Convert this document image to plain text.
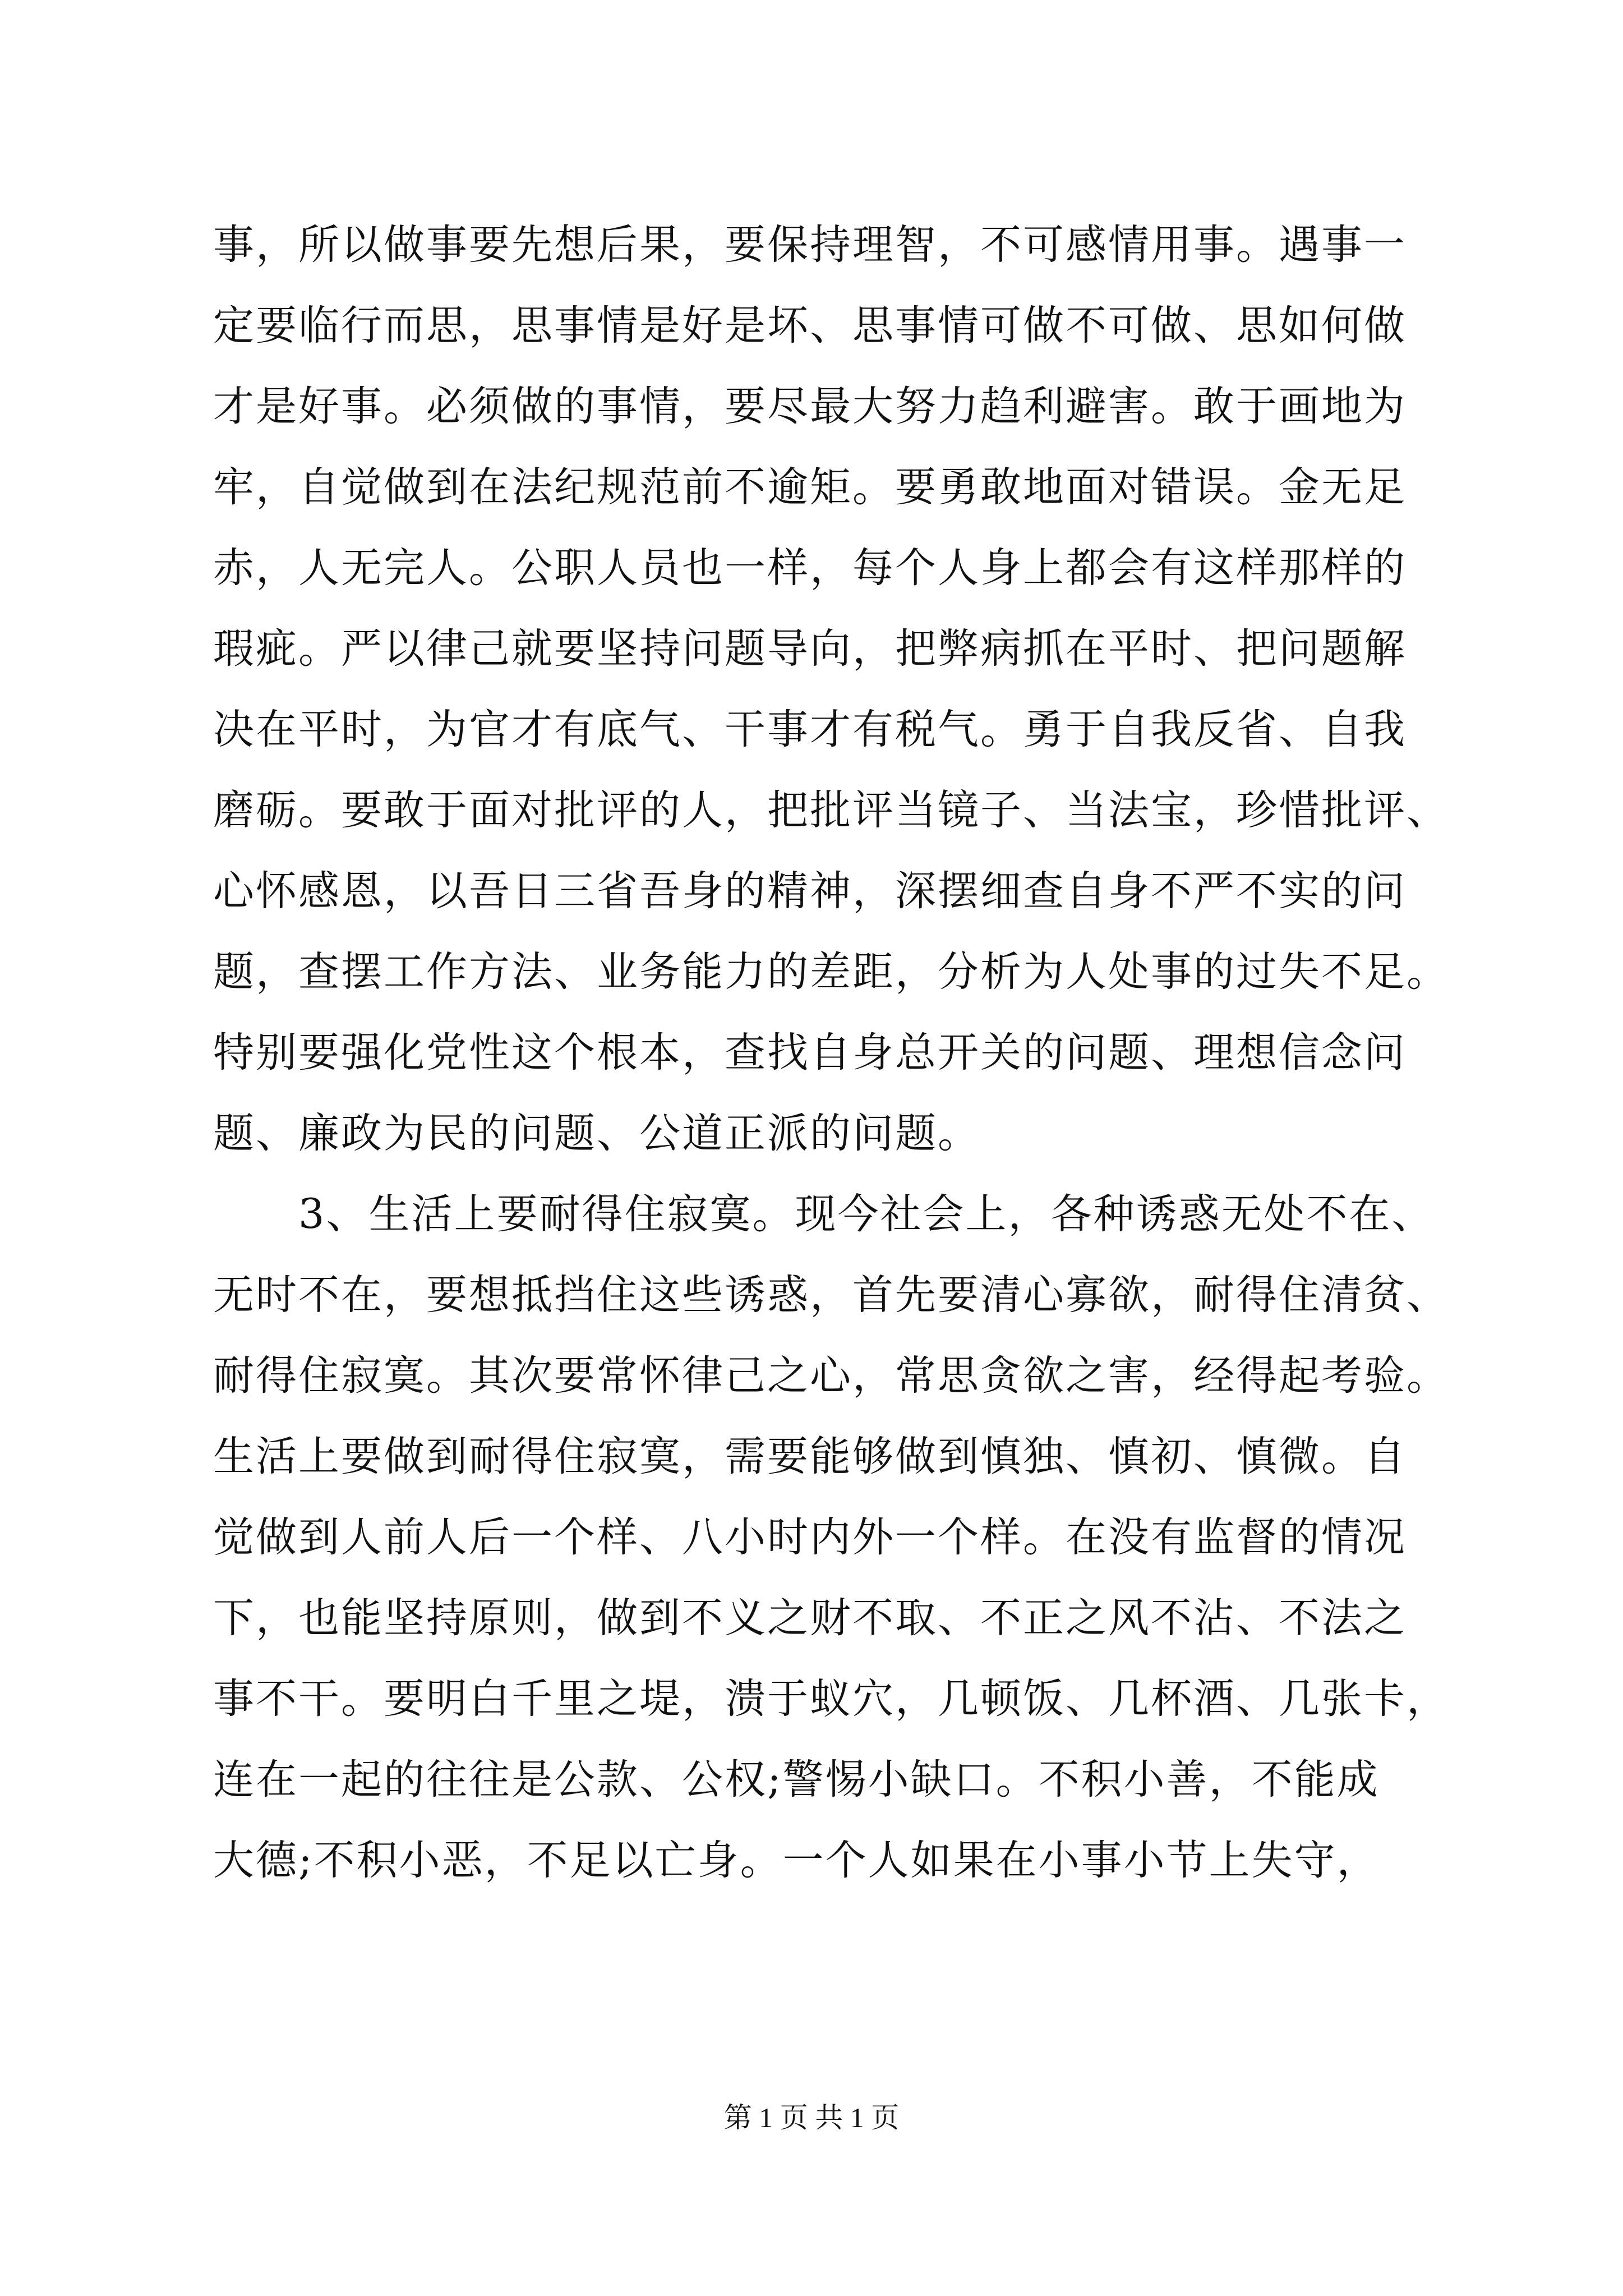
事，所以做事要先想后果，要保持理智，不可感情用事。遇事一
定要临行而思，思事情是好是坏、思事情可做不可做、思如何做
才是好事。必须做的事情，要尽最大努力趋利避害。敢于画地为
牢，自觉做到在法纪规范前不逾矩。要勇敢地面对错误。金无足
赤，人无完人。公职人员也一样，每个人身上都会有这样那样的
瑕疵。严以律己就要坚持问题导向，把弊病抓在平时、把问题解
决在平时，为官才有底气、干事才有税气。勇于自我反省、自我
磨砺。要敢于面对批评的人，把批评当镜子、当法宝，珍惜批评、
心怀感恩，以吾日三省吾身的精神，深摆细查自身不严不实的问
题，查摆工作方法、业务能力的差距，分析为人处事的过失不足。
特别要强化党性这个根本，查找自身总开关的问题、理想信念问
题、廉政为民的问题、公道正派的问题。
　　3、生活上要耐得住寂寞。现今社会上，各种诱惑无处不在、
无时不在，要想抵挡住这些诱惑，首先要清心寡欲，耐得住清贫、
耐得住寂寞。其次要常怀律己之心，常思贪欲之害，经得起考验。
生活上要做到耐得住寂寞，需要能够做到慎独、慎初、慎微。自
觉做到人前人后一个样、八小时内外一个样。在没有监督的情况
下，也能坚持原则，做到不义之财不取、不正之风不沾、不法之
事不干。要明白千里之堤，溃于蚁穴，几顿饭、几杯酒、几张卡，
连在一起的往往是公款、公权;警惕小缺口。不积小善，不能成
大德;不积小恶，不足以亡身。一个人如果在小事小节上失守，
第 1 页 共 1 页
